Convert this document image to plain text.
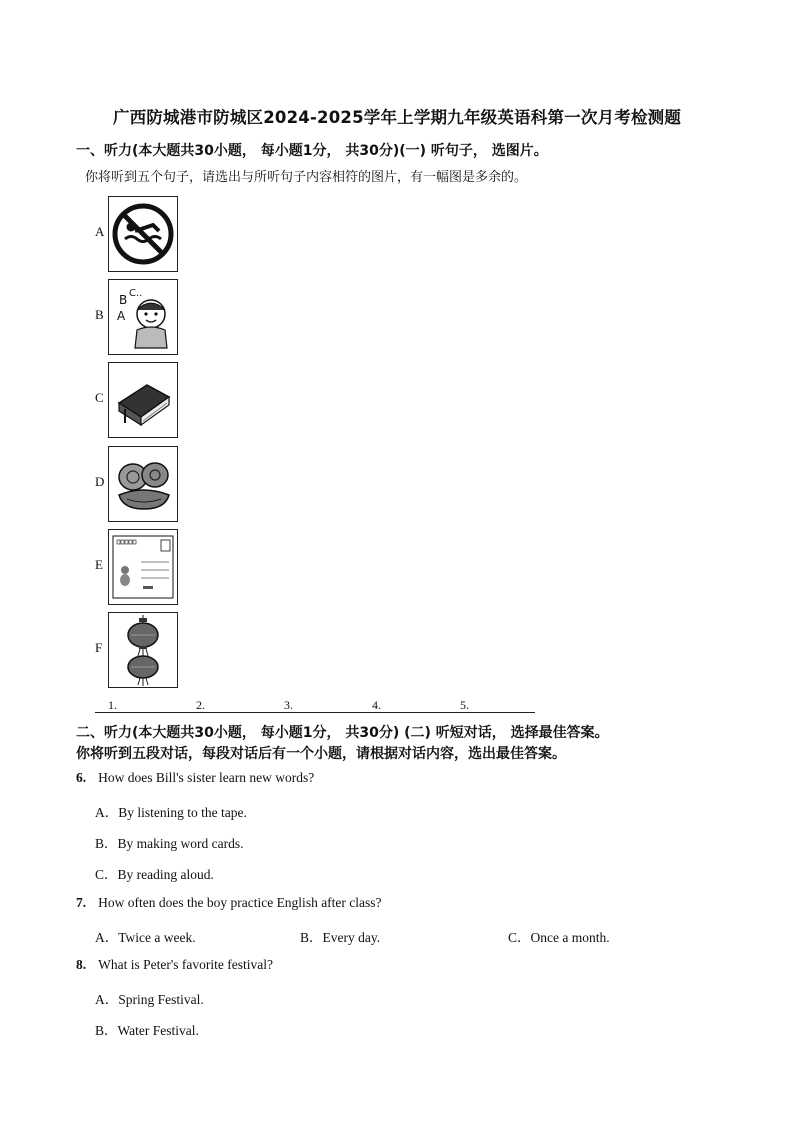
广西防城港市防城区2024-2025学年上学期九年级英语科第一次月考检测题
一、听力(本大题共30小题， 每小题1分， 共30分)(一) 听句子， 选图片。
你将听到五个句子，请选出与所听句子内容相符的图片，有一幅图是多余的。
A
B
B C..
A
C
D
E
F
1.	2.	3.	4.	5.
二、听力(本大题共30小题， 每小题1分， 共30分) (二) 听短对话， 选择最佳答案。
你将听到五段对话，每段对话后有一个小题，请根据对话内容，选出最佳答案。
6. How does Bill's sister learn new words?
A．By listening to the tape.
B．By making word cards.
C．By reading aloud.
7. How often does the boy practice English after class?
A．Twice a week.	B．Every day.	C．Once a month.
8. What is Peter's favorite festival?
A．Spring Festival.
B．Water Festival.
